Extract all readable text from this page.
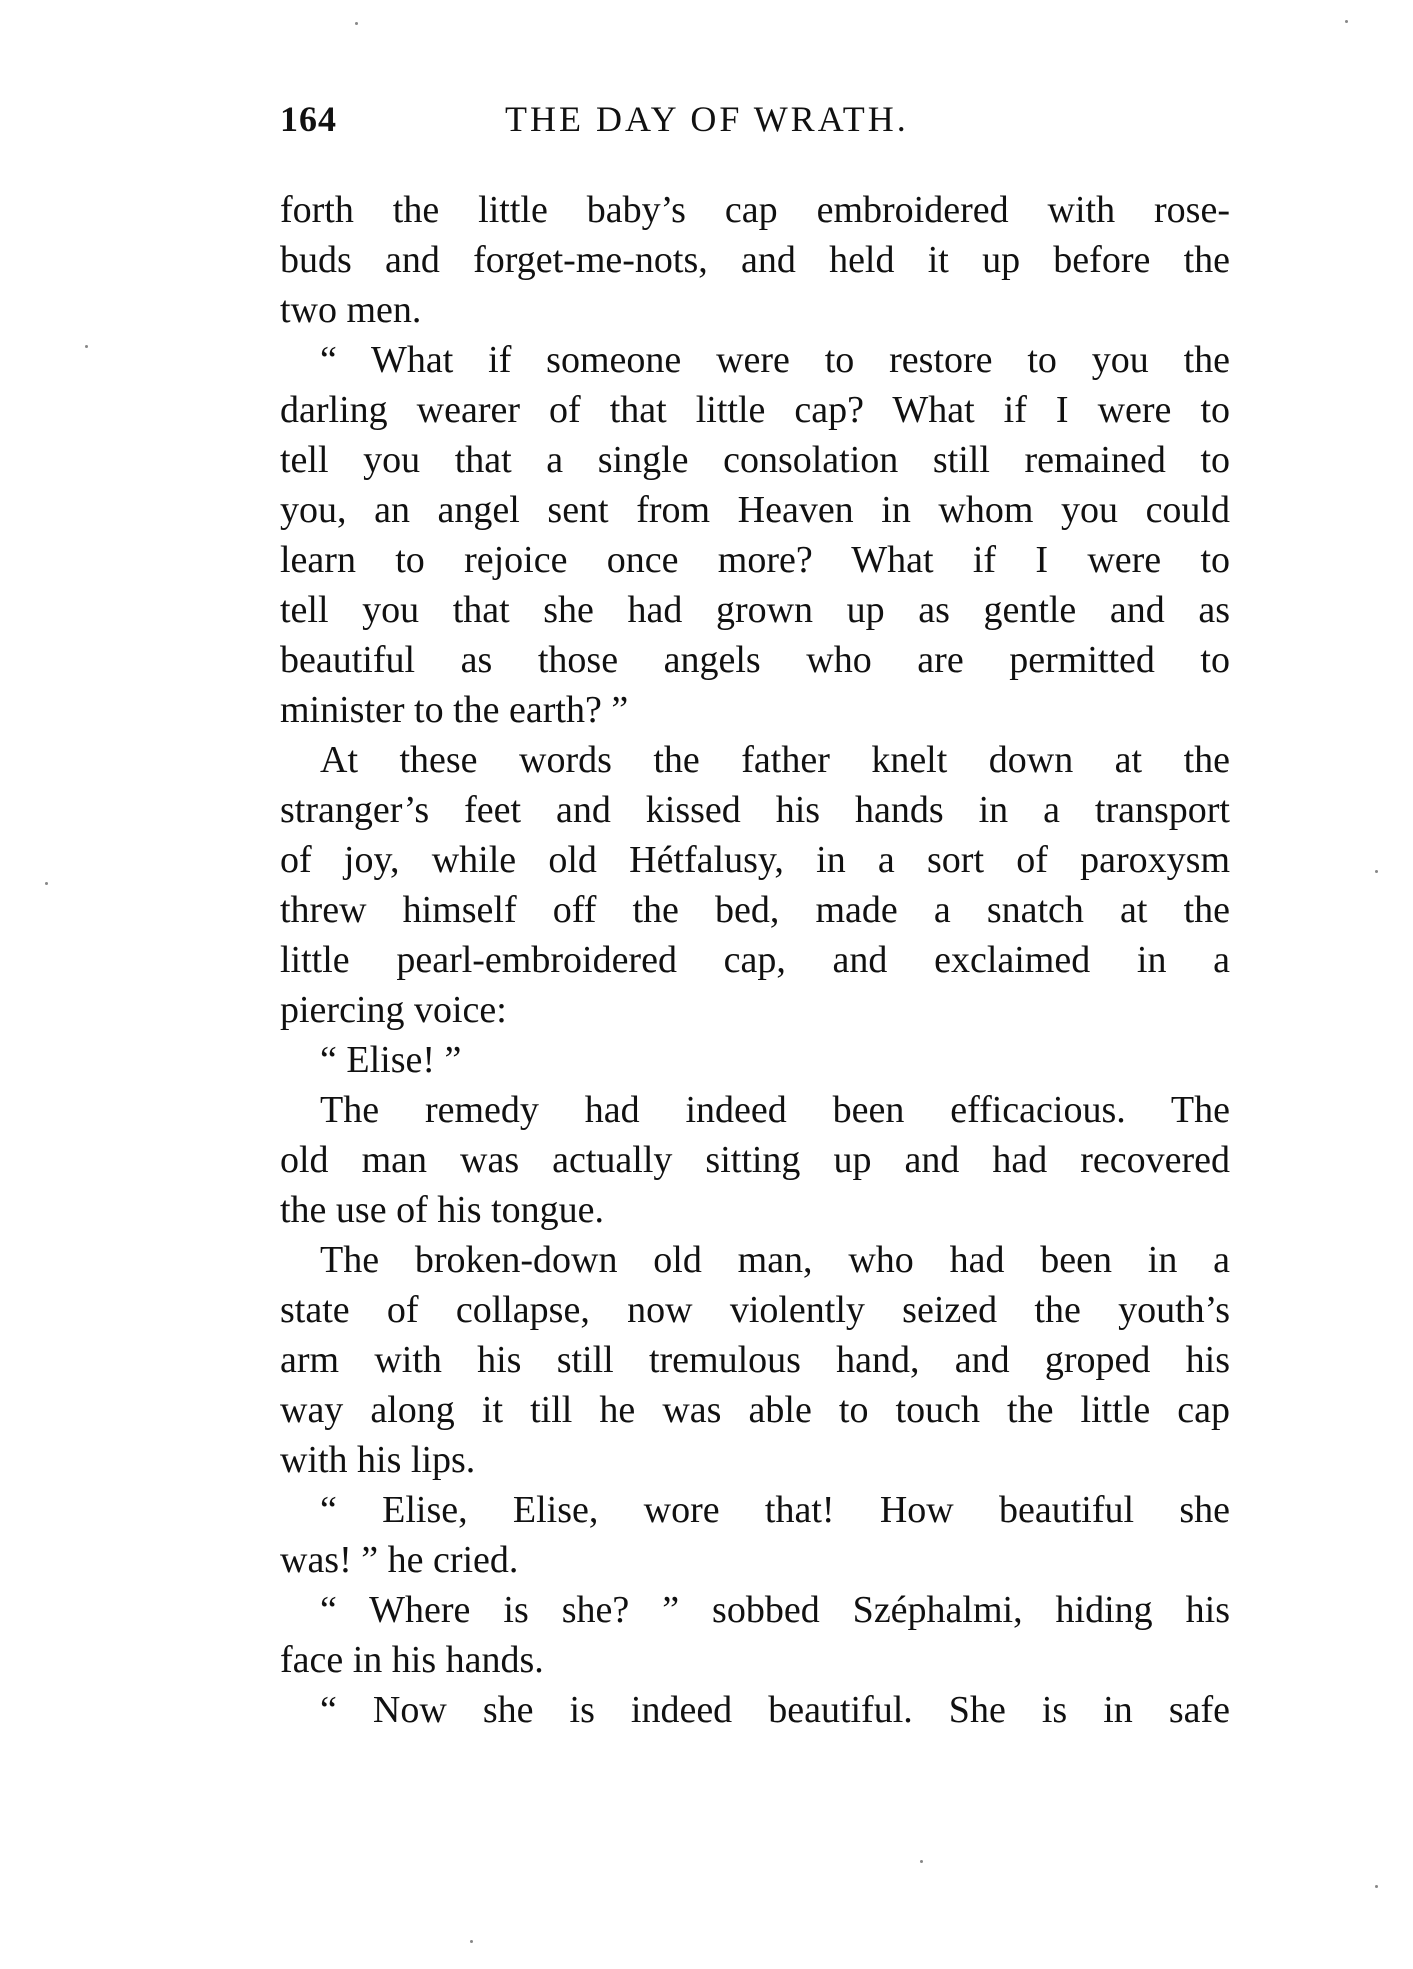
164	THE DAY OF WRATH.
forth the little baby’s cap embroidered with rose-
buds and forget-me-nots, and held it up before the
two men.
“ What if someone were to restore to you the
darling wearer of that little cap? What if I were to
tell you that a single consolation still remained to
you, an angel sent from Heaven in whom you could
learn to rejoice once more? What if I were to
tell you that she had grown up as gentle and as
beautiful as those angels who are permitted to
minister to the earth? ”
At these words the father knelt down at the
stranger’s feet and kissed his hands in a transport
of joy, while old Hétfalusy, in a sort of paroxysm
threw himself off the bed, made a snatch at the
little pearl-embroidered cap, and exclaimed in a
piercing voice:
“ Elise! ”
The remedy had indeed been efficacious. The
old man was actually sitting up and had recovered
the use of his tongue.
The broken-down old man, who had been in a
state of collapse, now violently seized the youth’s
arm with his still tremulous hand, and groped his
way along it till he was able to touch the little cap
with his lips.
“ Elise, Elise, wore that! How beautiful she
was! ” he cried.
“ Where is she? ” sobbed Széphalmi, hiding his
face in his hands.
“ Now she is indeed beautiful. She is in safe
